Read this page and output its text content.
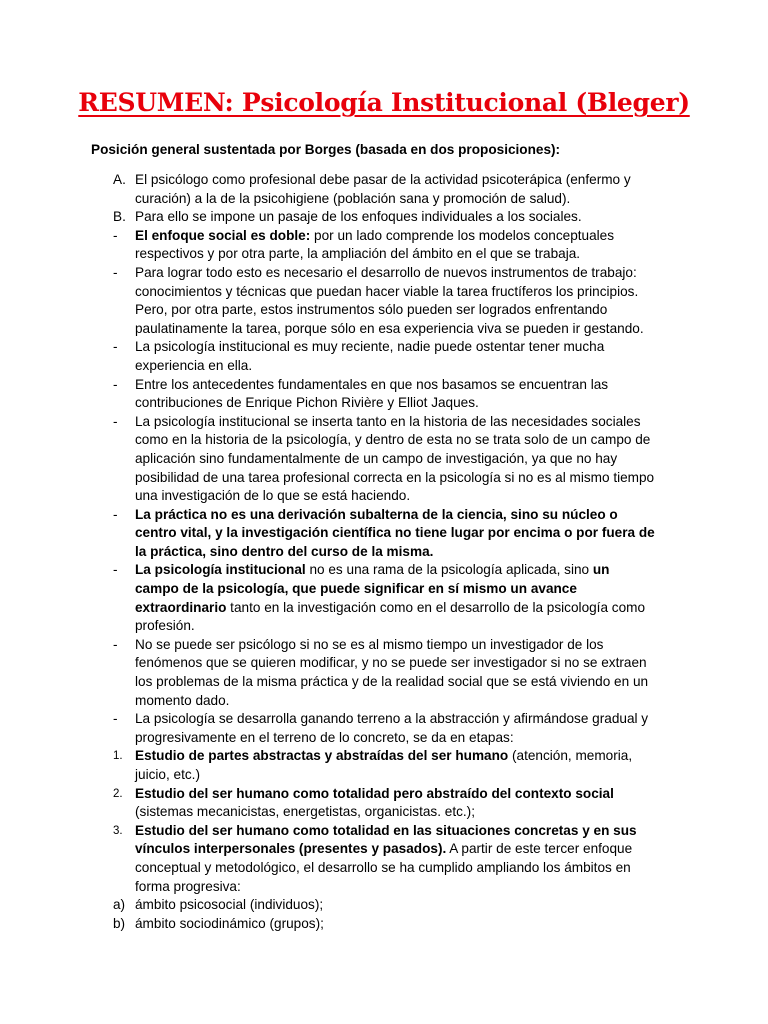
RESUMEN: Psicología Institucional (Bleger)
Posición general sustentada por Borges (basada en dos proposiciones):
A. El psicólogo como profesional debe pasar de la actividad psicoterápica (enfermo y curación) a la de la psicohigiene (población sana y promoción de salud).
B. Para ello se impone un pasaje de los enfoques individuales a los sociales.
-	El enfoque social es doble: por un lado comprende los modelos conceptuales respectivos y por otra parte, la ampliación del ámbito en el que se trabaja.
-	Para lograr todo esto es necesario el desarrollo de nuevos instrumentos de trabajo: conocimientos y técnicas que puedan hacer viable la tarea fructíferos los principios. Pero, por otra parte, estos instrumentos sólo pueden ser logrados enfrentando paulatinamente la tarea, porque sólo en esa experiencia viva se pueden ir gestando.
-	La psicología institucional es muy reciente, nadie puede ostentar tener mucha experiencia en ella.
-	Entre los antecedentes fundamentales en que nos basamos se encuentran las contribuciones de Enrique Pichon Rivière y Elliot Jaques.
-	La psicología institucional se inserta tanto en la historia de las necesidades sociales como en la historia de la psicología, y dentro de esta no se trata solo de un campo de aplicación sino fundamentalmente de un campo de investigación, ya que no hay posibilidad de una tarea profesional correcta en la psicología si no es al mismo tiempo una investigación de lo que se está haciendo.
-	La práctica no es una derivación subalterna de la ciencia, sino su núcleo o centro vital, y la investigación científica no tiene lugar por encima o por fuera de la práctica, sino dentro del curso de la misma.
-	La psicología institucional no es una rama de la psicología aplicada, sino un campo de la psicología, que puede significar en sí mismo un avance extraordinario tanto en la investigación como en el desarrollo de la psicología como profesión.
-	No se puede ser psicólogo si no se es al mismo tiempo un investigador de los fenómenos que se quieren modificar, y no se puede ser investigador si no se extraen los problemas de la misma práctica y de la realidad social que se está viviendo en un momento dado.
-	La psicología se desarrolla ganando terreno a la abstracción y afirmándose gradual y progresivamente en el terreno de lo concreto, se da en etapas:
1. Estudio de partes abstractas y abstraídas del ser humano (atención, memoria, juicio, etc.)
2. Estudio del ser humano como totalidad pero abstraído del contexto social (sistemas mecanicistas, energetistas, organicistas. etc.);
3. Estudio del ser humano como totalidad en las situaciones concretas y en sus vínculos interpersonales (presentes y pasados). A partir de este tercer enfoque conceptual y metodológico, el desarrollo se ha cumplido ampliando los ámbitos en forma progresiva:
a) ámbito psicosocial (individuos);
b) ámbito sociodinámico (grupos);
